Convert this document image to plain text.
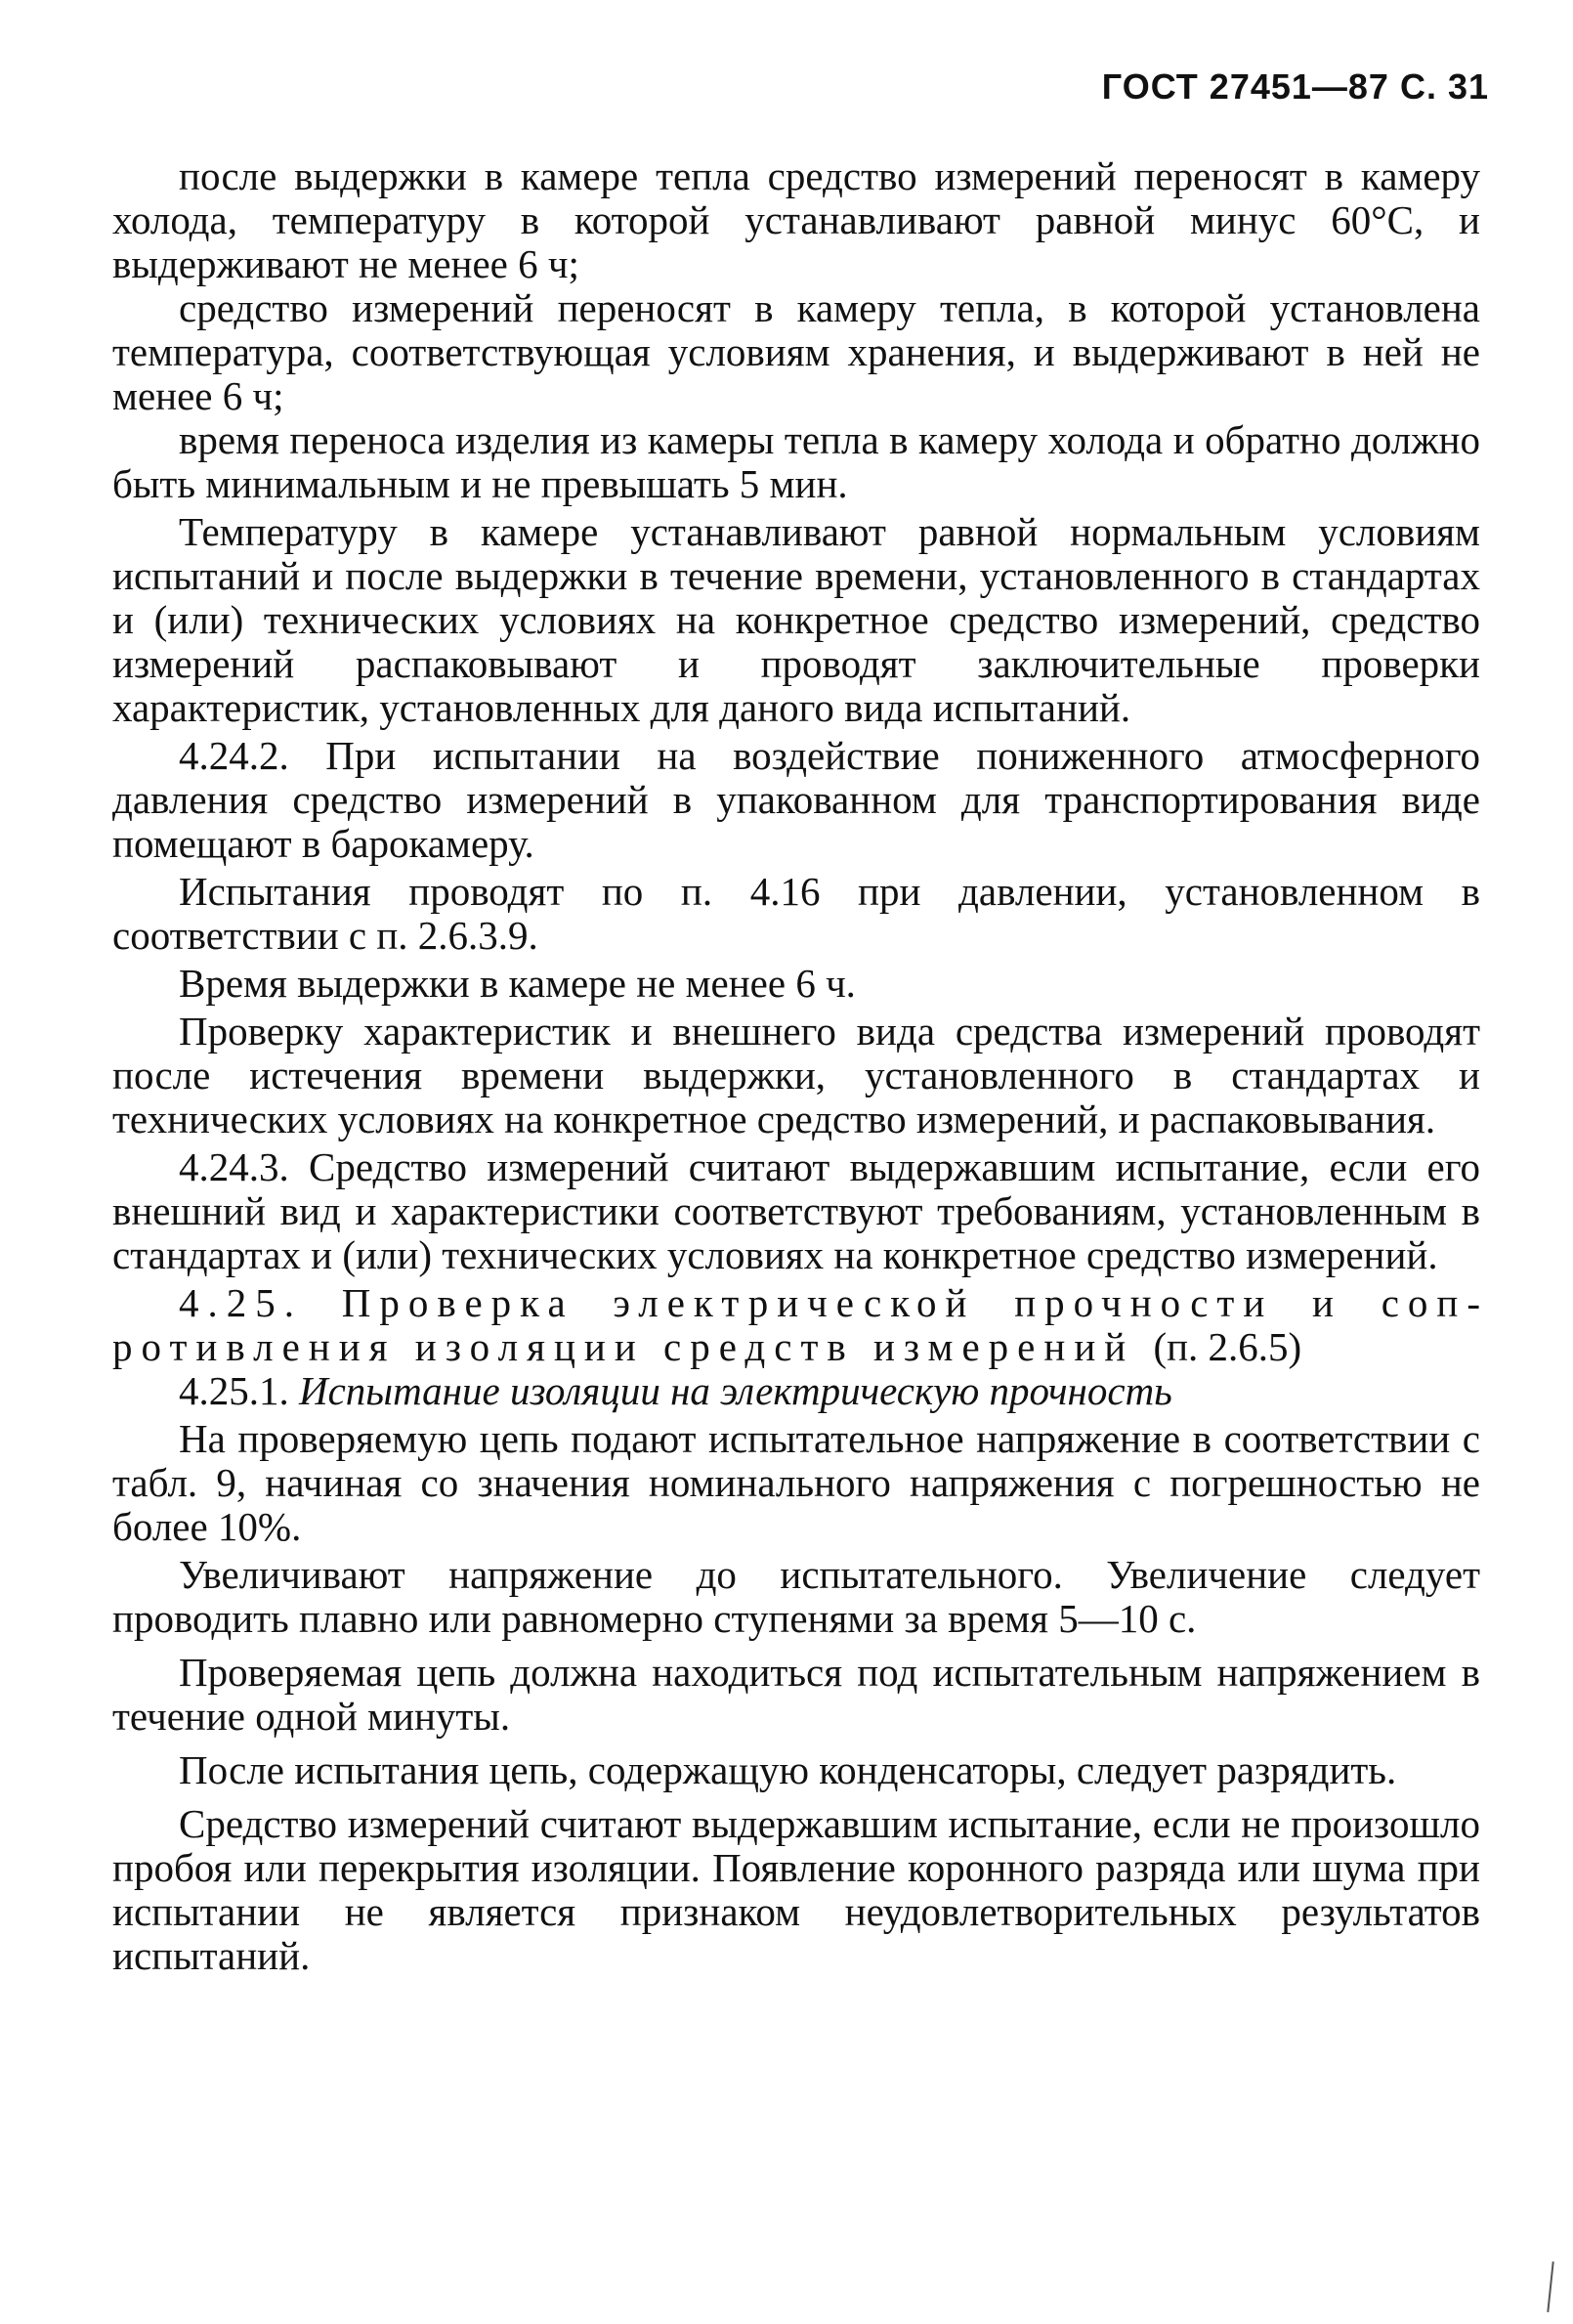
ГОСТ 27451—87 С. 31

после выдержки в камере тепла средство измерений переносят в камеру холода, температуру в которой устанавливают равной минус 60°С, и выдерживают не менее 6 ч;

средство измерений переносят в камеру тепла, в которой установлена температура, соответствующая условиям хранения, и выдерживают в ней не менее 6 ч;

время переноса изделия из камеры тепла в камеру холода и обратно должно быть минимальным и не превышать 5 мин.

Температуру в камере устанавливают равной нормальным условиям испытаний и после выдержки в течение времени, установленного в стандартах и (или) технических условиях на конкретное средство измерений, средство измерений распаковывают и проводят заключительные проверки характеристик, установленных для даного вида испытаний.

4.24.2. При испытании на воздействие пониженного атмосферного давления средство измерений в упакованном для транспортирования виде помещают в барокамеру.

Испытания проводят по п. 4.16 при давлении, установленном в соответствии с п. 2.6.3.9.

Время выдержки в камере не менее 6 ч.

Проверку характеристик и внешнего вида средства измерений проводят после истечения времени выдержки, установленного в стандартах и технических условиях на конкретное средство измерений, и распаковывания.

4.24.3. Средство измерений считают выдержавшим испытание, если его внешний вид и характеристики соответствуют требованиям, установленным в стандартах и (или) технических условиях на конкретное средство измерений.

4.25. Проверка электрической прочности и сопротивления изоляции средств измерений (п. 2.6.5)

4.25.1. Испытание изоляции на электрическую прочность

На проверяемую цепь подают испытательное напряжение в соответствии с табл. 9, начиная со значения номинального напряжения с погрешностью не более 10%.

Увеличивают напряжение до испытательного. Увеличение следует проводить плавно или равномерно ступенями за время 5—10 с.

Проверяемая цепь должна находиться под испытательным напряжением в течение одной минуты.

После испытания цепь, содержащую конденсаторы, следует разрядить.

Средство измерений считают выдержавшим испытание, если не произошло пробоя или перекрытия изоляции. Появление коронного разряда или шума при испытании не является признаком неудовлетворительных результатов испытаний.
